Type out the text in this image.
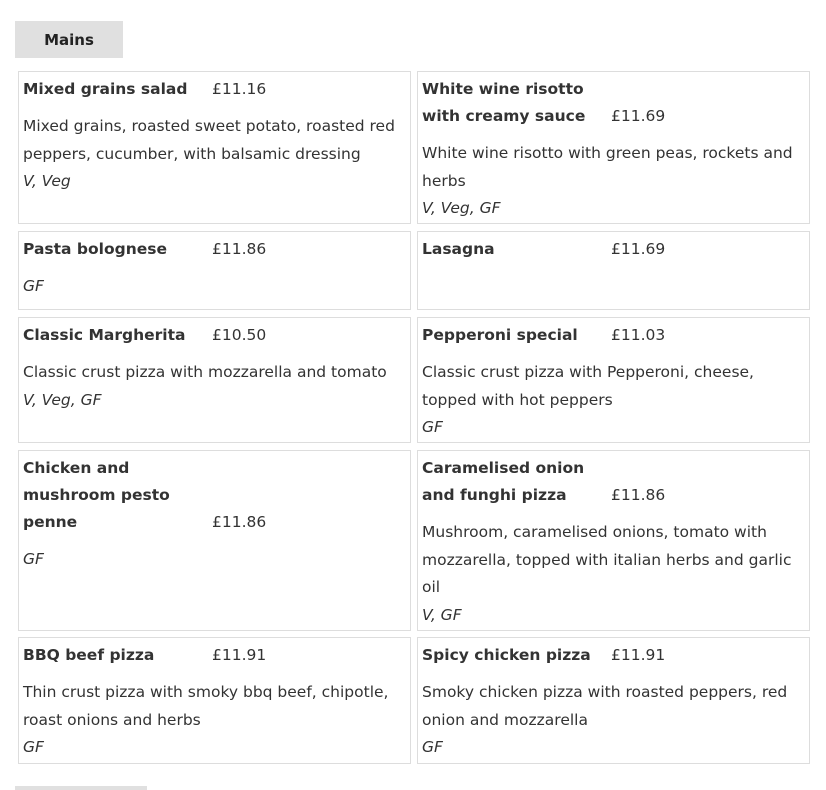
Mains
Mixed grains salad	£11.16
Mixed grains, roasted sweet potato, roasted red peppers, cucumber, with balsamic dressing
V, Veg
White wine risotto with creamy sauce	£11.69
White wine risotto with green peas, rockets and herbs
V, Veg, GF
Pasta bolognese	£11.86
GF
Lasagna	£11.69
Classic Margherita	£10.50
Classic crust pizza with mozzarella and tomato
V, Veg, GF
Pepperoni special	£11.03
Classic crust pizza with Pepperoni, cheese, topped with hot peppers
GF
Chicken and mushroom pesto penne	£11.86
GF
Caramelised onion and funghi pizza	£11.86
Mushroom, caramelised onions, tomato with mozzarella, topped with italian herbs and garlic oil
V, GF
BBQ beef pizza	£11.91
Thin crust pizza with smoky bbq beef, chipotle, roast onions and herbs
GF
Spicy chicken pizza	£11.91
Smoky chicken pizza with roasted peppers, red onion and mozzarella
GF
